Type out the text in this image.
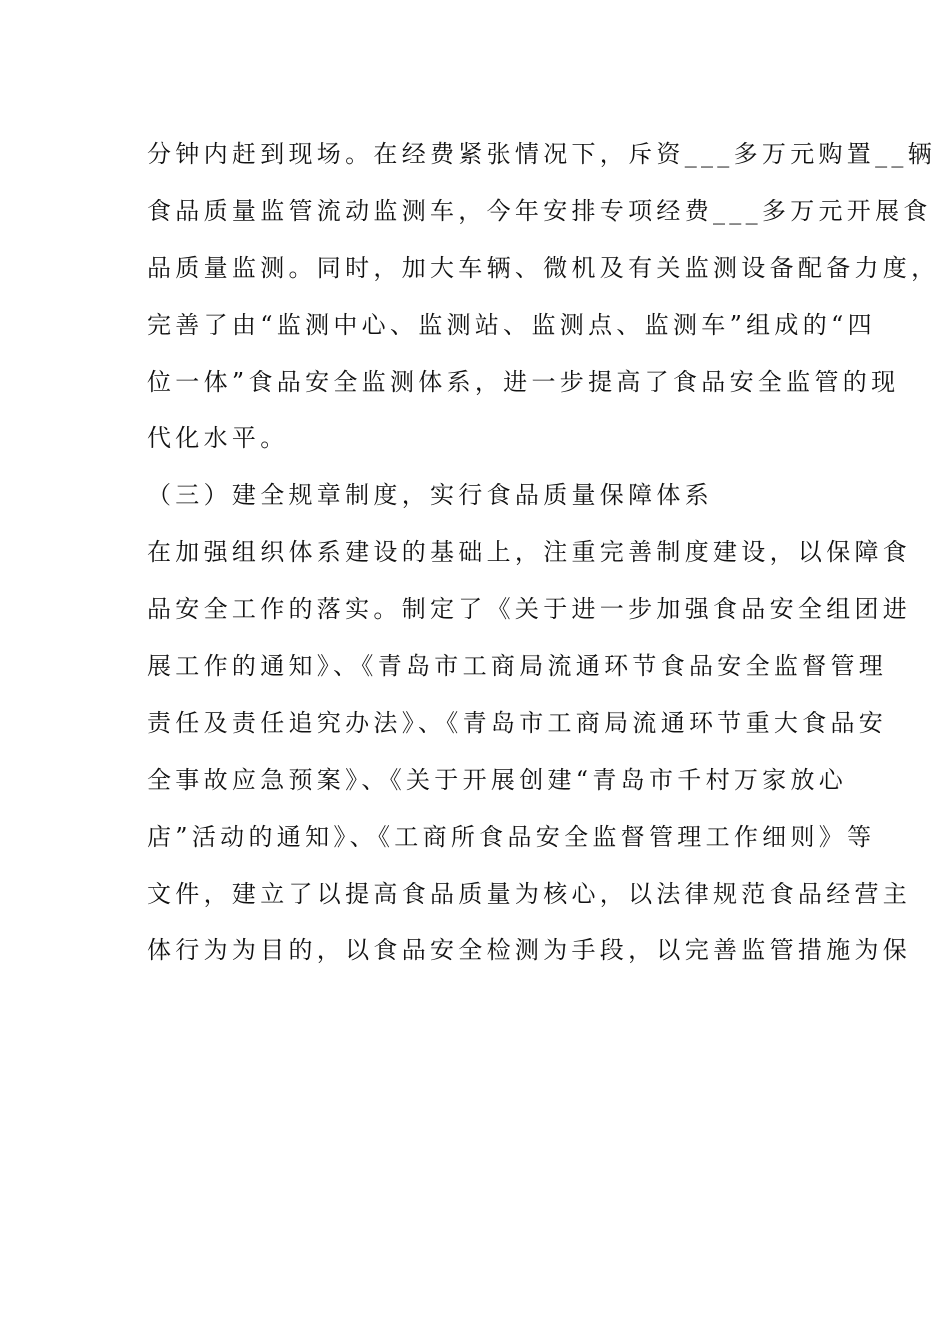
分钟内赶到现场。在经费紧张情况下，斥资___多万元购置__辆
食品质量监管流动监测车，今年安排专项经费___多万元开展食
品质量监测。同时，加大车辆、微机及有关监测设备配备力度，
完善了由“监测中心、监测站、监测点、监测车”组成的“四
位一体”食品安全监测体系，进一步提高了食品安全监管的现
代化水平。
（三）建全规章制度，实行食品质量保障体系
在加强组织体系建设的基础上，注重完善制度建设，以保障食
品安全工作的落实。制定了《关于进一步加强食品安全组团进
展工作的通知》、《青岛市工商局流通环节食品安全监督管理
责任及责任追究办法》、《青岛市工商局流通环节重大食品安
全事故应急预案》、《关于开展创建“青岛市千村万家放心
店”活动的通知》、《工商所食品安全监督管理工作细则》等
文件，建立了以提高食品质量为核心，以法律规范食品经营主
体行为为目的，以食品安全检测为手段，以完善监管措施为保
